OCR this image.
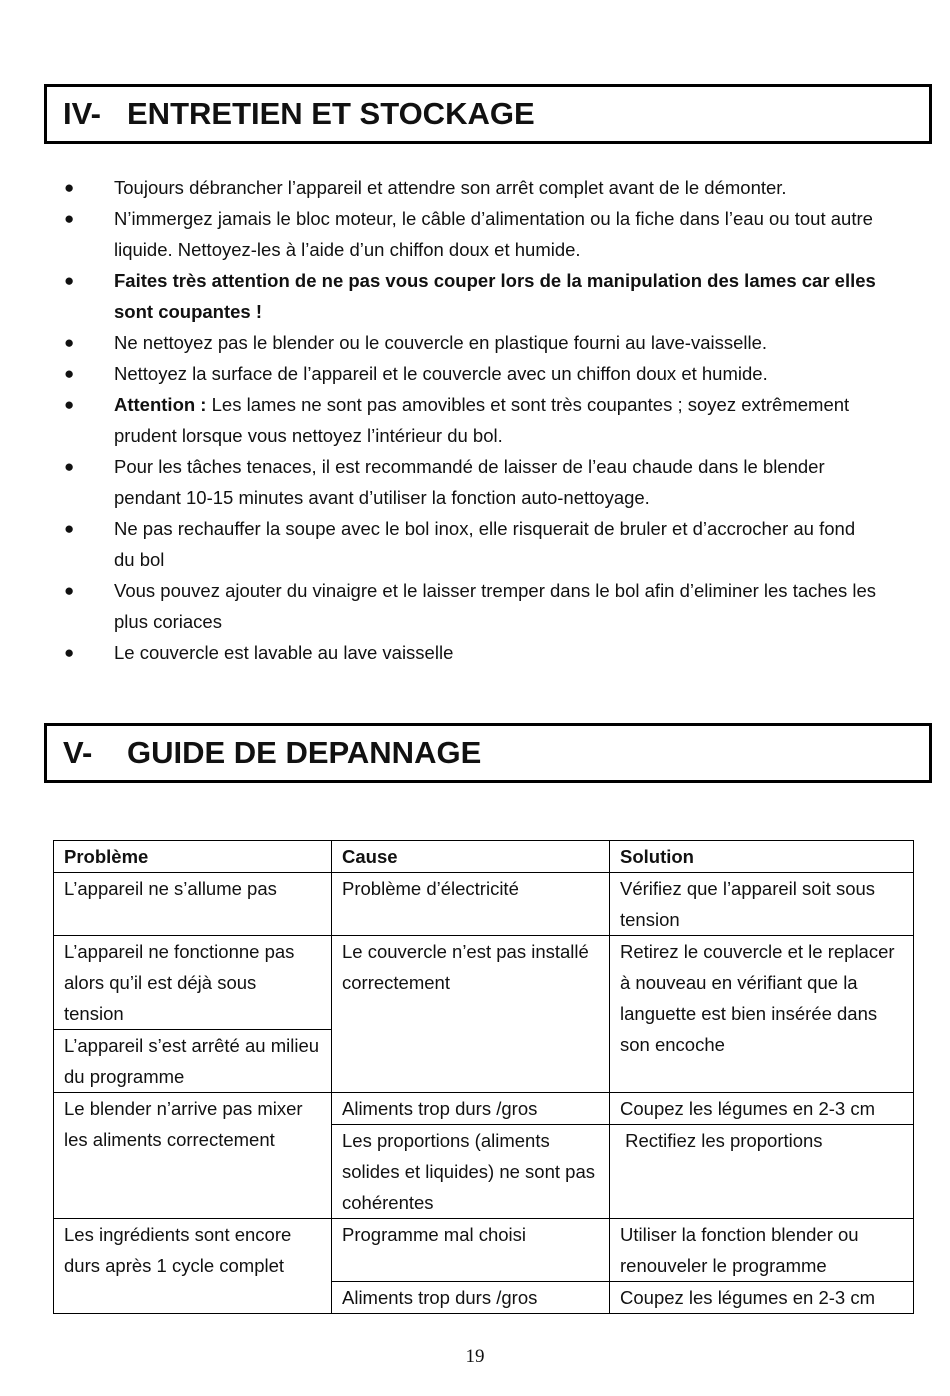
IV- ENTRETIEN ET STOCKAGE
● Toujours débrancher l’appareil et attendre son arrêt complet avant de le démonter.
● N’immergez jamais le bloc moteur, le câble d’alimentation ou la fiche dans l’eau ou tout autre liquide. Nettoyez-les à l’aide d’un chiffon doux et humide.
● Faites très attention de ne pas vous couper lors de la manipulation des lames car elles sont coupantes !
● Ne nettoyez pas le blender ou le couvercle en plastique fourni au lave-vaisselle.
● Nettoyez la surface de l’appareil et le couvercle avec un chiffon doux et humide.
● Attention : Les lames ne sont pas amovibles et sont très coupantes ; soyez extrêmement prudent lorsque vous nettoyez l’intérieur du bol.
● Pour les tâches tenaces, il est recommandé de laisser de l’eau chaude dans le blender pendant 10-15 minutes avant d’utiliser la fonction auto-nettoyage.
● Ne pas rechauffer la soupe avec le bol inox, elle risquerait de bruler et d’accrocher au fond du bol
● Vous pouvez ajouter du vinaigre et le laisser tremper dans le bol afin d’eliminer les taches les plus coriaces
● Le couvercle est lavable au lave vaisselle
V-	GUIDE DE DEPANNAGE
Problème	Cause	Solution
L’appareil ne s’allume pas	Problème d’électricité	Vérifiez que l’appareil soit sous tension
L’appareil ne fonctionne pas alors qu’il est déjà sous tension	Le couvercle n’est pas installé correctement	Retirez le couvercle et le replacer à nouveau en vérifiant que la languette est bien insérée dans son encoche
L’appareil s’est arrêté au milieu du programme		
Le blender n’arrive pas mixer les aliments correctement	Aliments trop durs /gros	Coupez les légumes en 2-3 cm
	Les proportions (aliments solides et liquides) ne sont pas cohérentes	Rectifiez les proportions
Les ingrédients sont encore durs après 1 cycle complet	Programme mal choisi	Utiliser la fonction blender ou renouveler le programme
	Aliments trop durs /gros	Coupez les légumes en 2-3 cm
19
